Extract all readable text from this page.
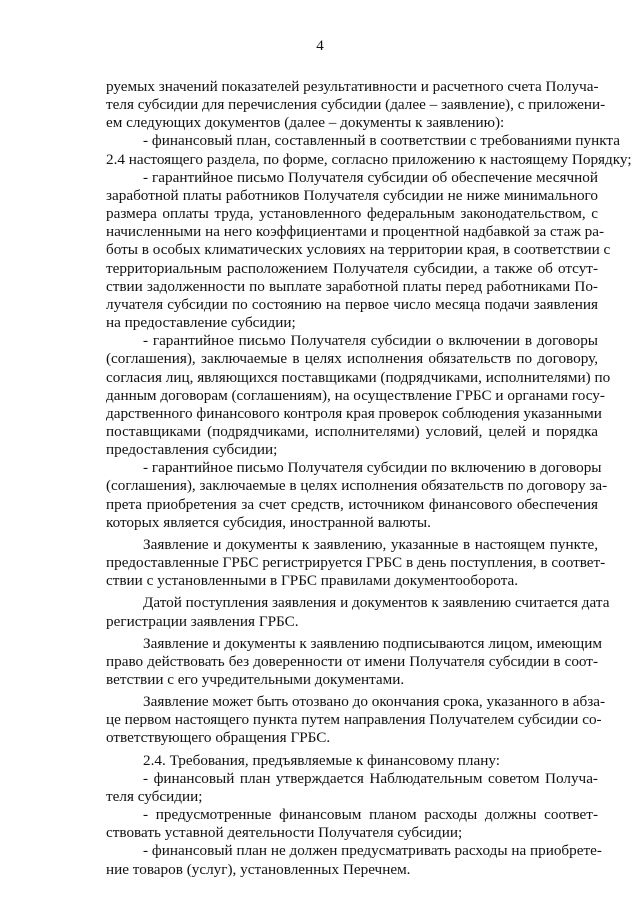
4

руемых значений показателей результативности и расчетного счета Получа-
теля субсидии для перечисления субсидии (далее – заявление), с приложени-
ем следующих документов (далее – документы к заявлению):

- финансовый план, составленный в соответствии с требованиями пункта
2.4 настоящего раздела, по форме, согласно приложению к настоящему Порядку;

- гарантийное письмо Получателя субсидии об обеспечение месячной
заработной платы работников Получателя субсидии не ниже минимального
размера оплаты труда, установленного федеральным законодательством, с
начисленными на него коэффициентами и процентной надбавкой за стаж ра-
боты в особых климатических условиях на территории края, в соответствии с
территориальным расположением Получателя субсидии, а также об отсут-
ствии задолженности по выплате заработной платы перед работниками По-
лучателя субсидии по состоянию на первое число месяца подачи заявления
на предоставление субсидии;

- гарантийное письмо Получателя субсидии о включении в договоры
(соглашения), заключаемые в целях исполнения обязательств по договору,
согласия лиц, являющихся поставщиками (подрядчиками, исполнителями) по
данным договорам (соглашениям), на осуществление ГРБС и органами госу-
дарственного финансового контроля края проверок соблюдения указанными
поставщиками (подрядчиками, исполнителями) условий, целей и порядка
предоставления субсидии;

- гарантийное письмо Получателя субсидии по включению в договоры
(соглашения), заключаемые в целях исполнения обязательств по договору за-
прета приобретения за счет средств, источником финансового обеспечения
которых является субсидия, иностранной валюты.

Заявление и документы к заявлению, указанные в настоящем пункте,
предоставленные ГРБС регистрируется ГРБС в день поступления, в соответ-
ствии с установленными в ГРБС правилами документооборота.

Датой поступления заявления и документов к заявлению считается дата
регистрации заявления ГРБС.

Заявление и документы к заявлению подписываются лицом, имеющим
право действовать без доверенности от имени Получателя субсидии в соот-
ветствии с его учредительными документами.

Заявление может быть отозвано до окончания срока, указанного в абза-
це первом настоящего пункта путем направления Получателем субсидии со-
ответствующего обращения ГРБС.

2.4. Требования, предъявляемые к финансовому плану:

- финансовый план утверждается Наблюдательным советом Получа-
теля субсидии;

- предусмотренные финансовым планом расходы должны соответ-
ствовать уставной деятельности Получателя субсидии;

- финансовый план не должен предусматривать расходы на приобрете-
ние товаров (услуг), установленных Перечнем.
